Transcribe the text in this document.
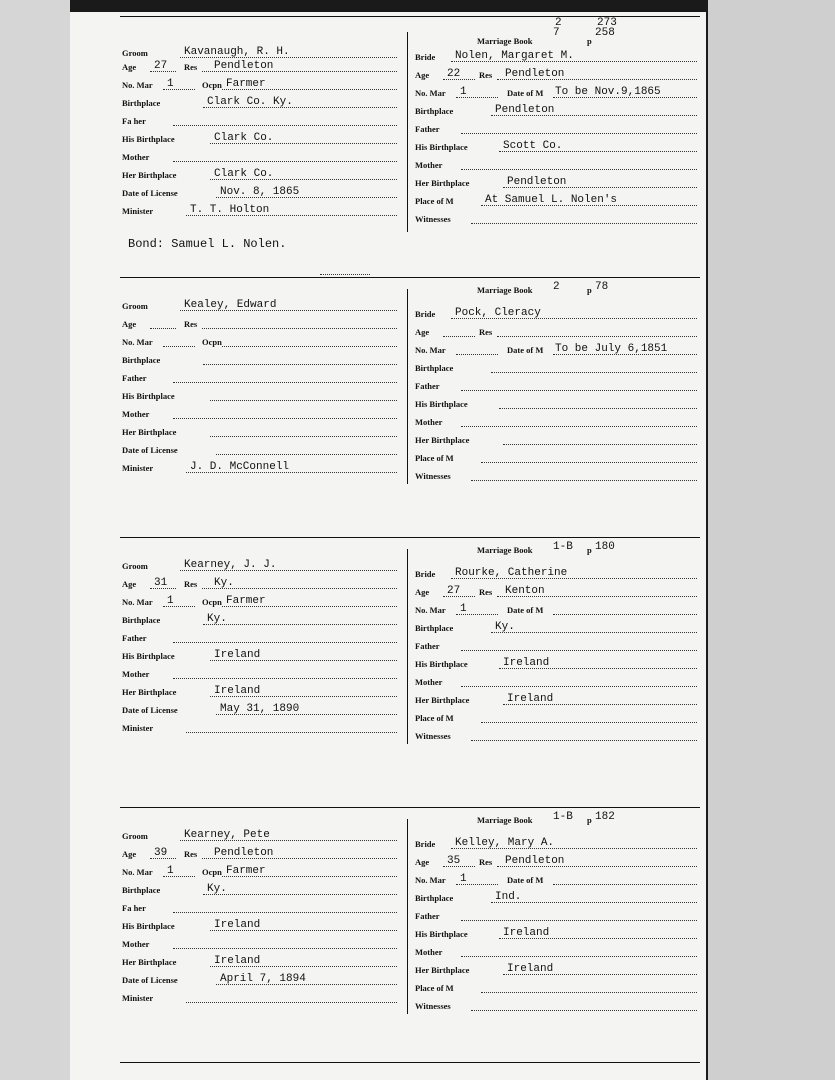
Groom	Kavanaugh, R. H.
Age 27 Res Pendleton
No. Mar 1	Ocpn Farmer
Birthplace	Clark Co. Ky.
Fa her
His Birthplace	Clark Co.
Mother
Her Birthplace	Clark Co.
Date of License	Nov. 8, 1865
Minister	T. T. Holton
Marriage Book
7
2
p
258
273
Bride Nolen, Margaret M.
Age 22 Res Pendleton
No. Mar 1	Date of M To be Nov.9,1865
Birthplace	Pendleton
Father
His Birthplace	Scott Co.
Mother
Her Birthplace	Pendleton
Place of M	At Samuel L. Nolen's
Witnesses
Bond: Samuel L. Nolen.
Groom	Kealey, Edward
Age	Res
No. Mar	Ocpn
Birthplace
Father
His Birthplace
Mother
Her Birthplace
Date of License
Minister	J. D. McConnell
Marriage Book 2	p 78
Bride Pock, Cleracy
Age	Res
No. Mar	Date of M To be July 6,1851
Birthplace
Father
His Birthplace
Mother
Her Birthplace
Place of M
Witnesses
Groom	Kearney, J. J.
Age 31 Res Ky.
No. Mar 1	Ocpn Farmer
Birthplace	Ky.
Father
His Birthplace	Ireland
Mother
Her Birthplace	Ireland
Date of License	May 31, 1890
Minister
Marriage Book 1-B p 180
Bride Rourke, Catherine
Age 27 Res Kenton
No. Mar 1	Date of M
Birthplace	Ky.
Father
His Birthplace	Ireland
Mother
Her Birthplace	Ireland
Place of M
Witnesses
Groom	Kearney, Pete
Age 39 Res Pendleton
No. Mar 1	Ocpn Farmer
Birthplace	Ky.
Fa her
His Birthplace	Ireland
Mother
Her Birthplace	Ireland
Date of License	April 7, 1894
Minister
Marriage Book 1-B p 182
Bride Kelley, Mary A.
Age 35 Res Pendleton
No. Mar 1	Date of M
Birthplace	Ind.
Father
His Birthplace	Ireland
Mother
Her Birthplace	Ireland
Place of M
Witnesses
